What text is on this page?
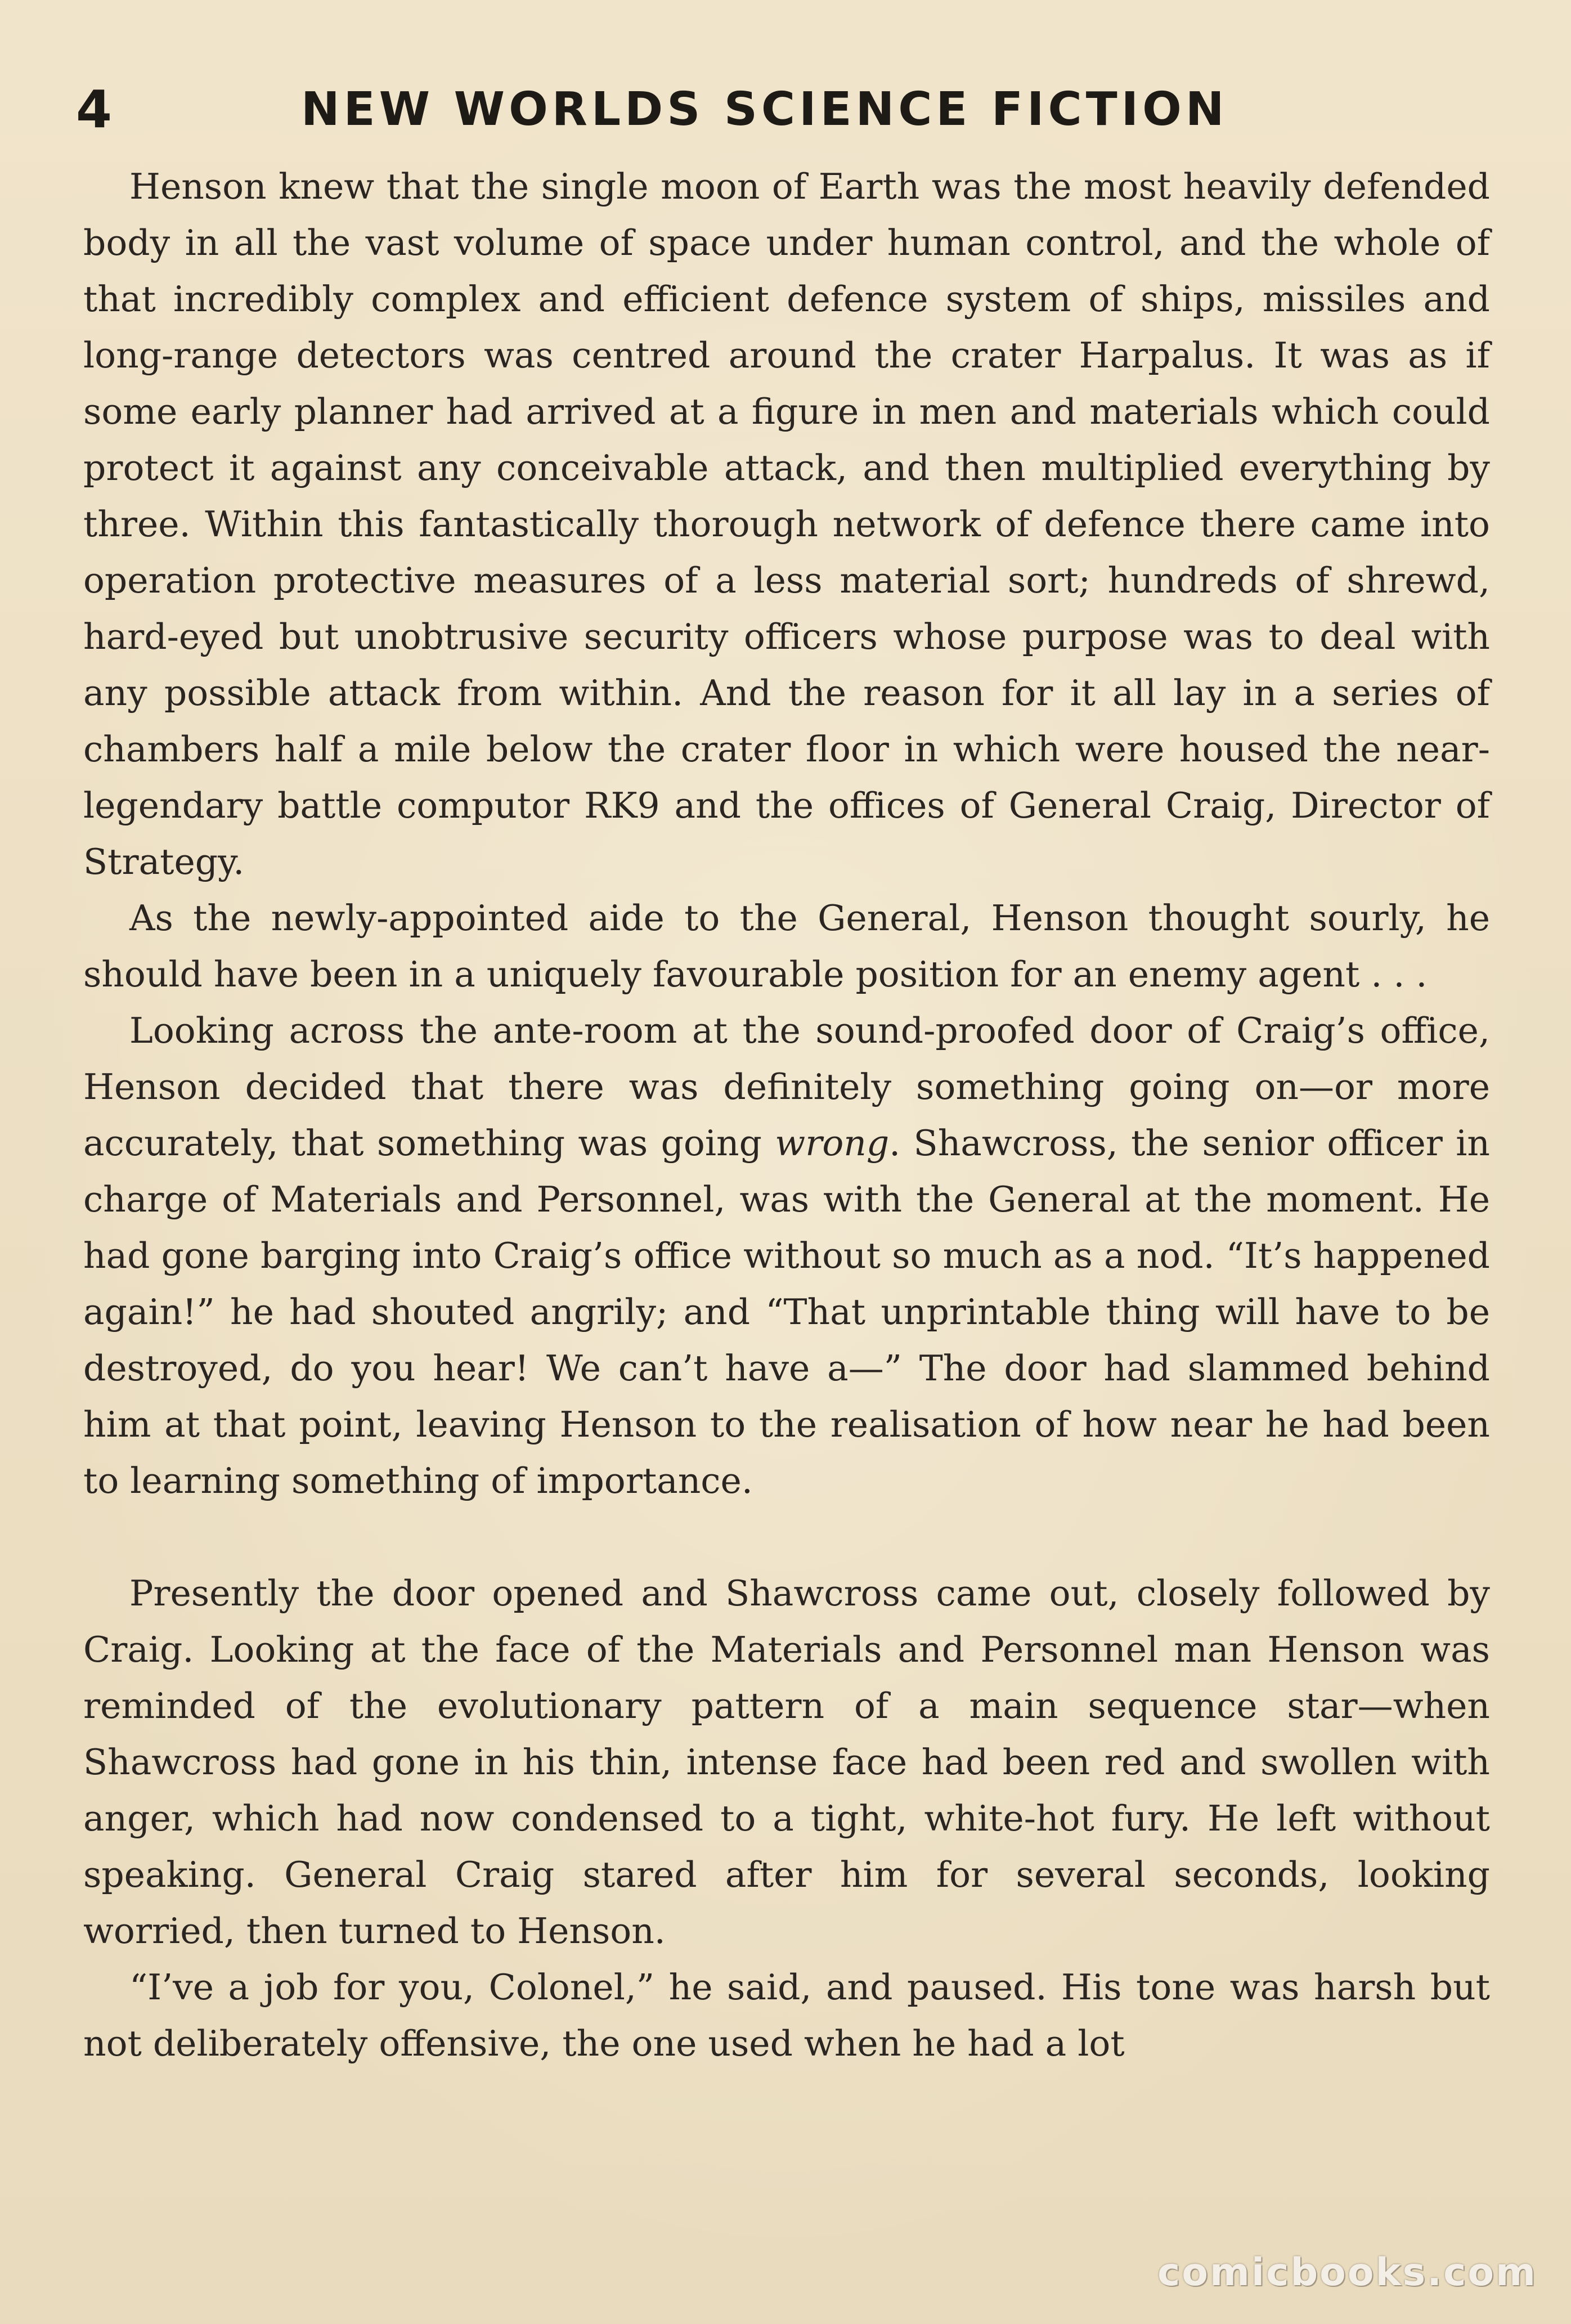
4	NEW WORLDS SCIENCE FICTION

Henson knew that the single moon of Earth was the most heavily defended body in all the vast volume of space under human control, and the whole of that incredibly complex and efficient defence system of ships, missiles and long-range detectors was centred around the crater Harpalus. It was as if some early planner had arrived at a figure in men and materials which could protect it against any conceivable attack, and then multiplied everything by three. Within this fantastically thorough network of defence there came into operation protective measures of a less material sort; hundreds of shrewd, hard-eyed but unobtrusive security officers whose purpose was to deal with any possible attack from within. And the reason for it all lay in a series of chambers half a mile below the crater floor in which were housed the near-legendary battle computor RK9 and the offices of General Craig, Director of Strategy.

As the newly-appointed aide to the General, Henson thought sourly, he should have been in a uniquely favourable position for an enemy agent . . .

Looking across the ante-room at the sound-proofed door of Craig’s office, Henson decided that there was definitely something going on—or more accurately, that something was going wrong. Shawcross, the senior officer in charge of Materials and Personnel, was with the General at the moment. He had gone barging into Craig’s office without so much as a nod. “It’s happened again!” he had shouted angrily; and “That unprintable thing will have to be destroyed, do you hear! We can’t have a—” The door had slammed behind him at that point, leaving Henson to the realisation of how near he had been to learning something of importance.

Presently the door opened and Shawcross came out, closely followed by Craig. Looking at the face of the Materials and Personnel man Henson was reminded of the evolutionary pattern of a main sequence star—when Shawcross had gone in his thin, intense face had been red and swollen with anger, which had now condensed to a tight, white-hot fury. He left without speaking. General Craig stared after him for several seconds, looking worried, then turned to Henson.

“I’ve a job for you, Colonel,” he said, and paused. His tone was harsh but not deliberately offensive, the one used when he had a lot

comicbooks.com
